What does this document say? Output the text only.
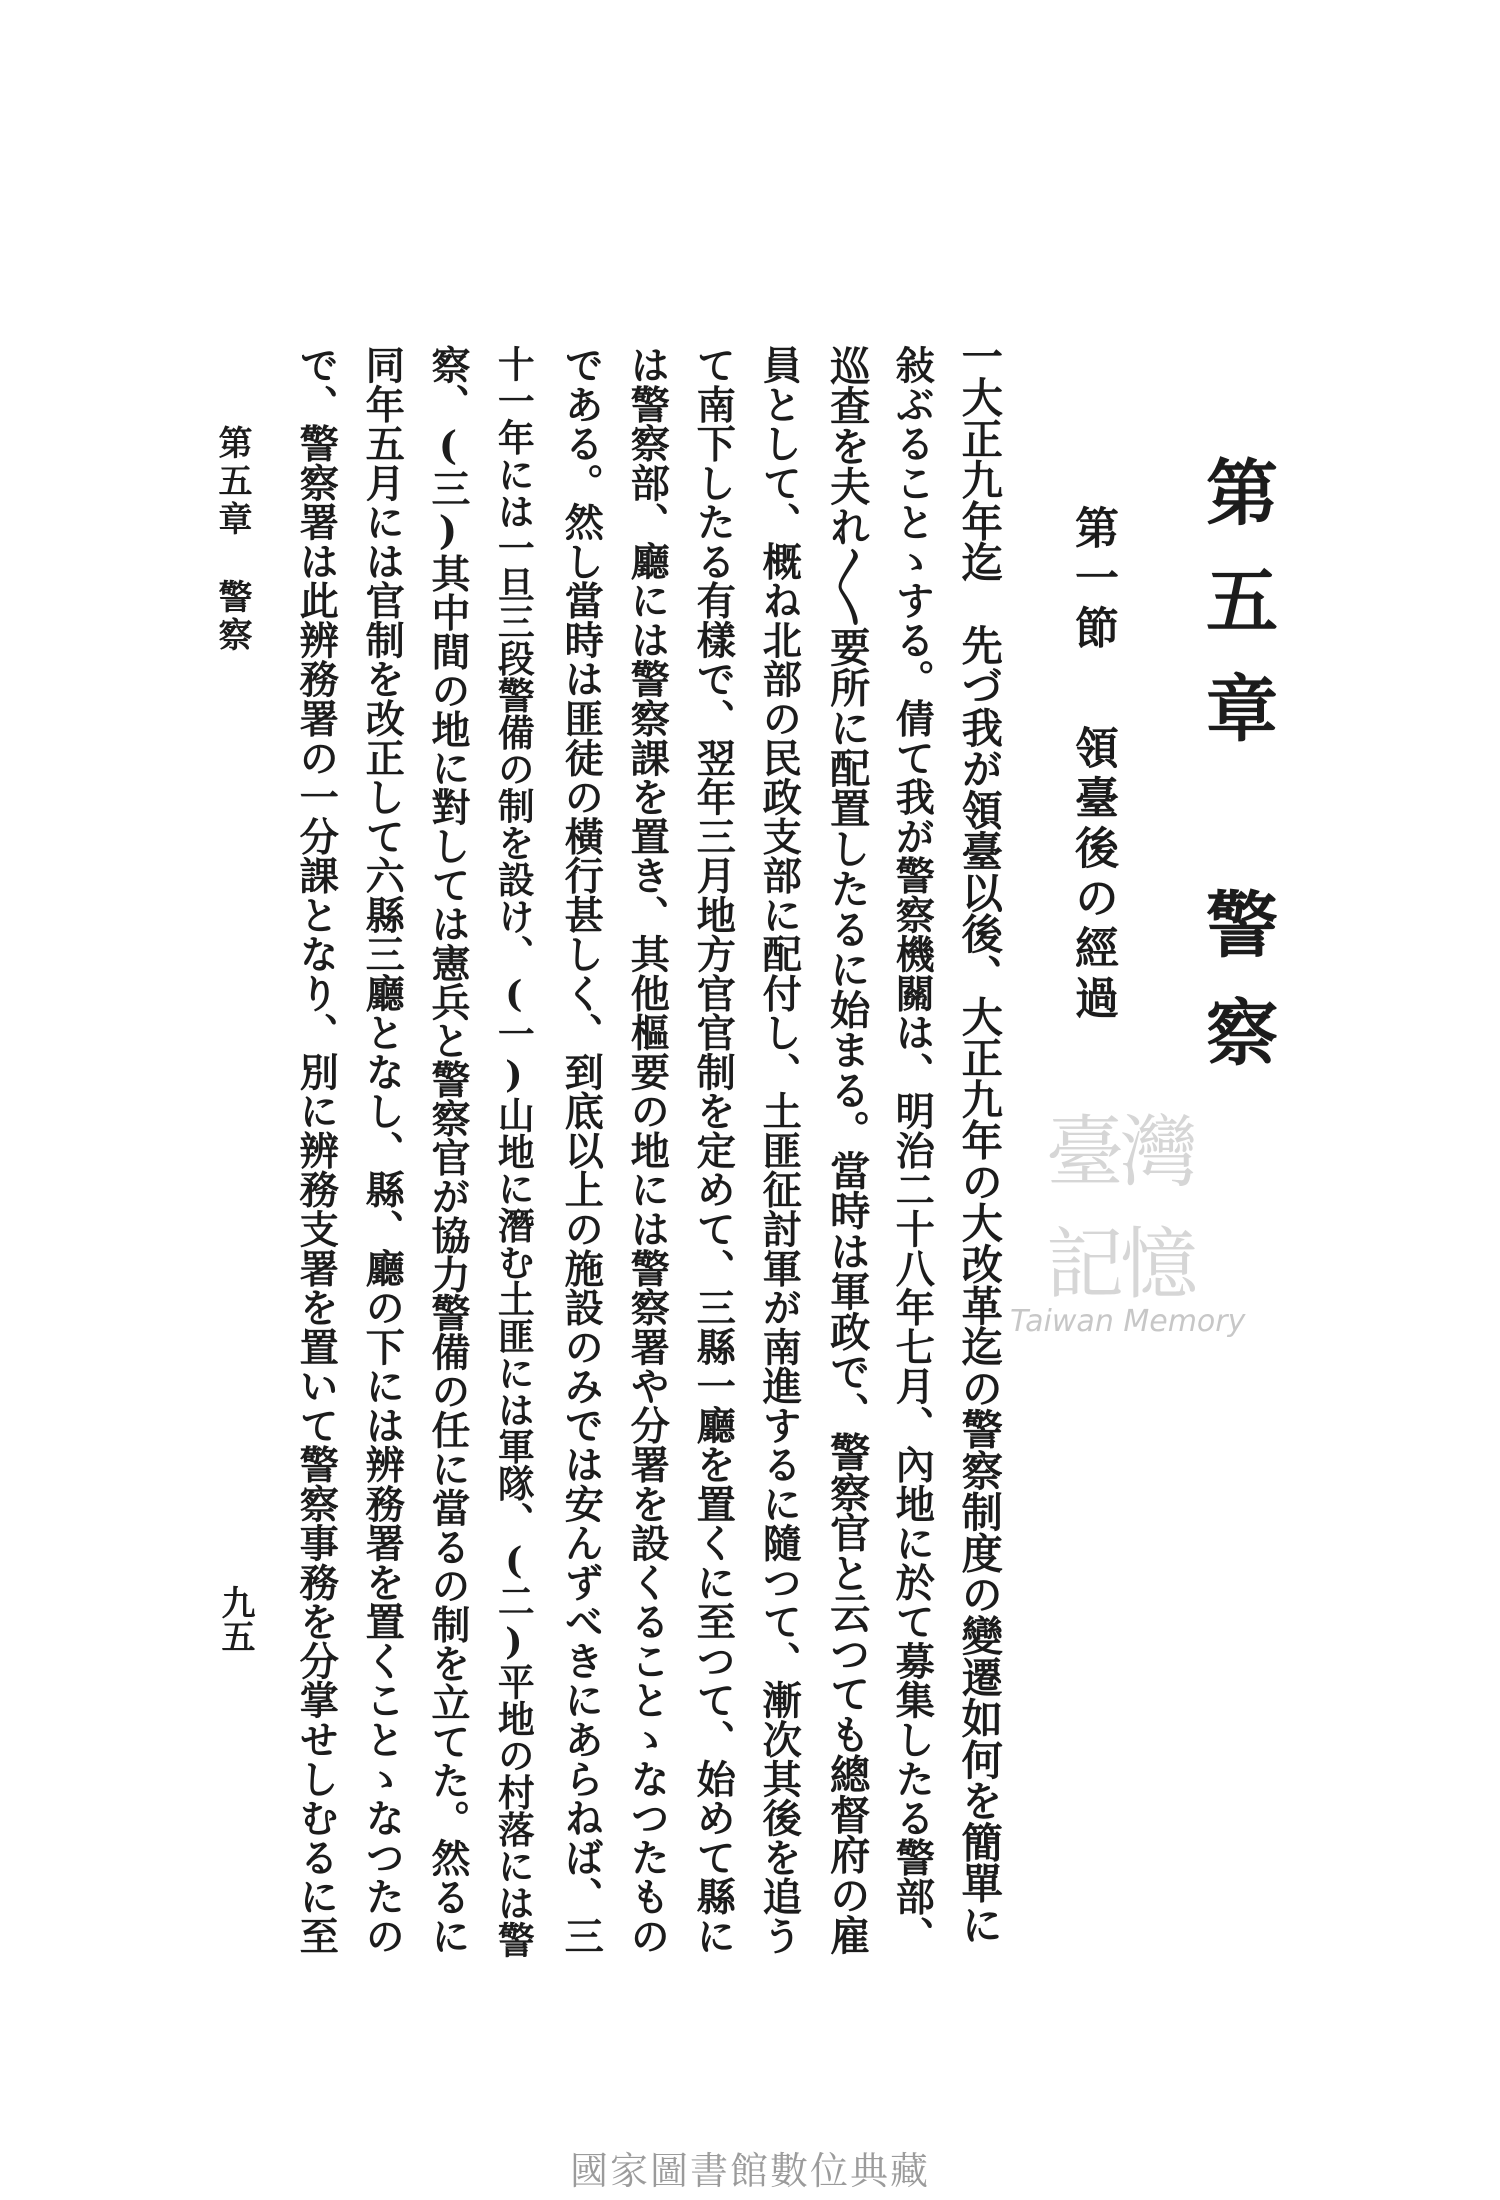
第五章　警察
第一節領臺後の經過
一大正九年迄　先づ我が領臺以後、大正九年の大改革迄の警察制度の變遷如何を簡單に
敍ぶることゝする。倩て我が警察機關は、明治二十八年七月、內地に於て募集したる警部、
巡查を夫れ〳〵要所に配置したるに始まる。當時は軍政で、警察官と云つても總督府の雇
員として、概ね北部の民政支部に配付し、土匪征討軍が南進するに隨つて、漸次其後を追う
て南下したる有樣で、翌年三月地方官官制を定めて、三縣一廳を置くに至つて、始めて縣に
は警察部、廳には警察課を置き、其他樞要の地には警察署や分署を設くることゝなつたもの
である。然し當時は匪徒の橫行甚しく、到底以上の施設のみでは安んずべきにあらねば、三
十一年には一旦三段警備の制を設け、(一)山地に潛む土匪には軍隊、(二)平地の村落には警
察、(三)其中間の地に對しては憲兵と警察官が協力警備の任に當るの制を立てた。然るに
同年五月には官制を改正して六縣三廳となし、縣、廳の下には辨務署を置くことゝなつたの
で、警察署は此辨務署の一分課となり、別に辨務支署を置いて警察事務を分掌せしむるに至
第五章警察
九五
臺灣記憶
Taiwan Memory
國家圖書館數位典藏
